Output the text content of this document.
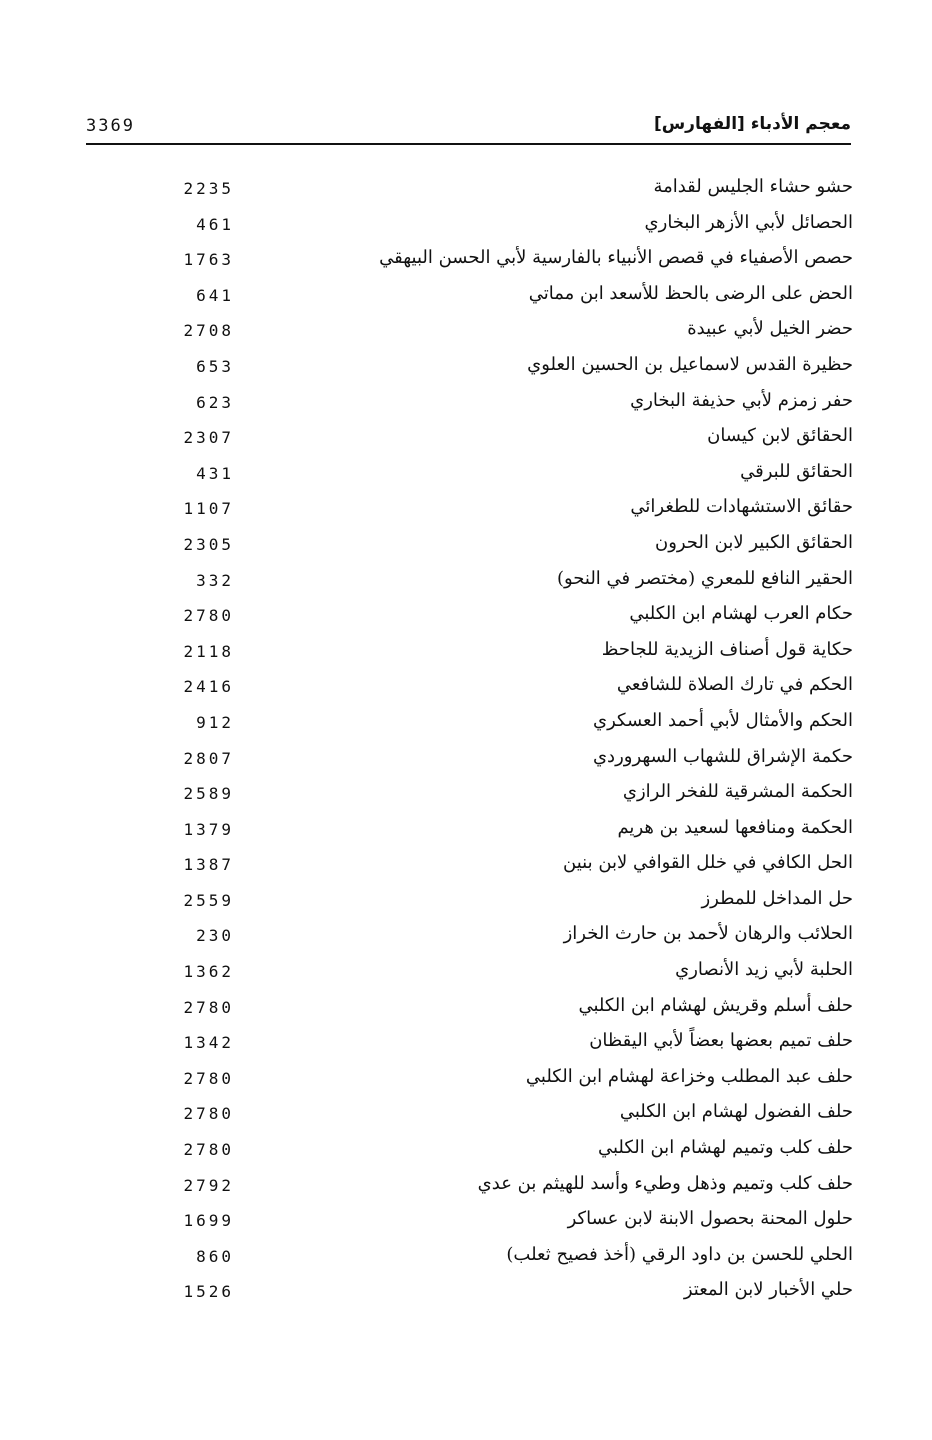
معجم الأدباء [الفهارس]
3369
حشو حشاء الجليس لقدامة
2235
الحصائل لأبي الأزهر البخاري
461
حصص الأصفياء في قصص الأنبياء بالفارسية لأبي الحسن البيهقي
1763
الحض على الرضى بالحظ للأسعد ابن مماتي
641
حضر الخيل لأبي عبيدة
2708
حظيرة القدس لاسماعيل بن الحسين العلوي
653
حفر زمزم لأبي حذيفة البخاري
623
الحقائق لابن كيسان
2307
الحقائق للبرقي
431
حقائق الاستشهادات للطغرائي
1107
الحقائق الكبير لابن الحرون
2305
الحقير النافع للمعري (مختصر في النحو)
332
حكام العرب لهشام ابن الكلبي
2780
حكاية قول أصناف الزيدية للجاحظ
2118
الحكم في تارك الصلاة للشافعي
2416
الحكم والأمثال لأبي أحمد العسكري
912
حكمة الإشراق للشهاب السهروردي
2807
الحكمة المشرقية للفخر الرازي
2589
الحكمة ومنافعها لسعيد بن هريم
1379
الحل الكافي في خلل القوافي لابن بنين
1387
حل المداخل للمطرز
2559
الحلائب والرهان لأحمد بن حارث الخراز
230
الحلبة لأبي زيد الأنصاري
1362
حلف أسلم وقريش لهشام ابن الكلبي
2780
حلف تميم بعضها بعضاً لأبي اليقظان
1342
حلف عبد المطلب وخزاعة لهشام ابن الكلبي
2780
حلف الفضول لهشام ابن الكلبي
2780
حلف كلب وتميم لهشام ابن الكلبي
2780
حلف كلب وتميم وذهل وطيء وأسد للهيثم بن عدي
2792
حلول المحنة بحصول الابنة لابن عساكر
1699
الحلي للحسن بن داود الرقي (أخذ فصيح ثعلب)
860
حلي الأخبار لابن المعتز
1526
